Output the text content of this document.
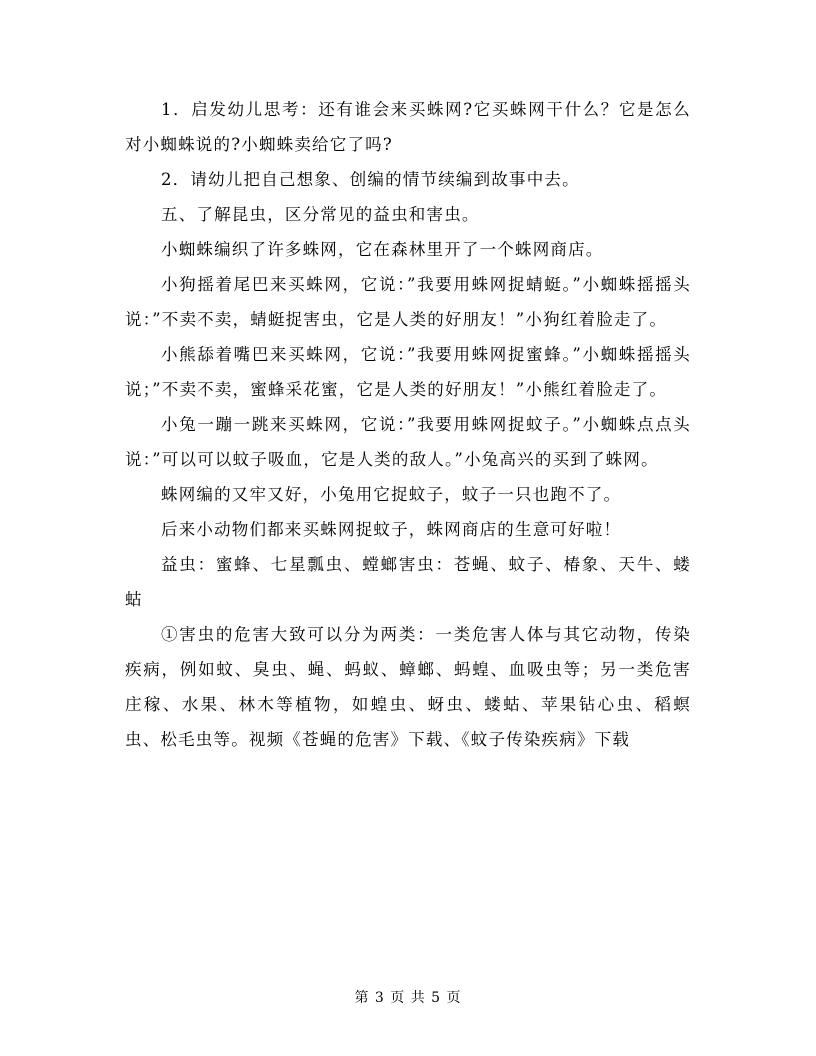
1．启发幼儿思考：还有谁会来买蛛网?它买蛛网干什么？它是怎么对小蜘蛛说的?小蜘蛛卖给它了吗?

2．请幼儿把自己想象、创编的情节续编到故事中去。

五、了解昆虫，区分常见的益虫和害虫。

小蜘蛛编织了许多蛛网，它在森林里开了一个蛛网商店。

小狗摇着尾巴来买蛛网，它说：”我要用蛛网捉蜻蜓。”小蜘蛛摇摇头说：”不卖不卖，蜻蜓捉害虫，它是人类的好朋友！”小狗红着脸走了。

小熊舔着嘴巴来买蛛网，它说：”我要用蛛网捉蜜蜂。”小蜘蛛摇摇头说；”不卖不卖，蜜蜂采花蜜，它是人类的好朋友！”小熊红着脸走了。

小兔一蹦一跳来买蛛网，它说：”我要用蛛网捉蚊子。”小蜘蛛点点头说：”可以可以蚊子吸血，它是人类的敌人。”小兔高兴的买到了蛛网。

蛛网编的又牢又好，小兔用它捉蚊子，蚊子一只也跑不了。

后来小动物们都来买蛛网捉蚊子，蛛网商店的生意可好啦！

益虫：蜜蜂、七星瓢虫、螳螂害虫：苍蝇、蚊子、椿象、天牛、蝼蛄

①害虫的危害大致可以分为两类：一类危害人体与其它动物，传染疾病，例如蚊、臭虫、蝇、蚂蚁、蟑螂、蚂蝗、血吸虫等；另一类危害庄稼、水果、林木等植物，如蝗虫、蚜虫、蝼蛄、苹果钻心虫、稻螟虫、松毛虫等。视频《苍蝇的危害》下载、《蚊子传染疾病》下载

第 3 页 共 5 页
